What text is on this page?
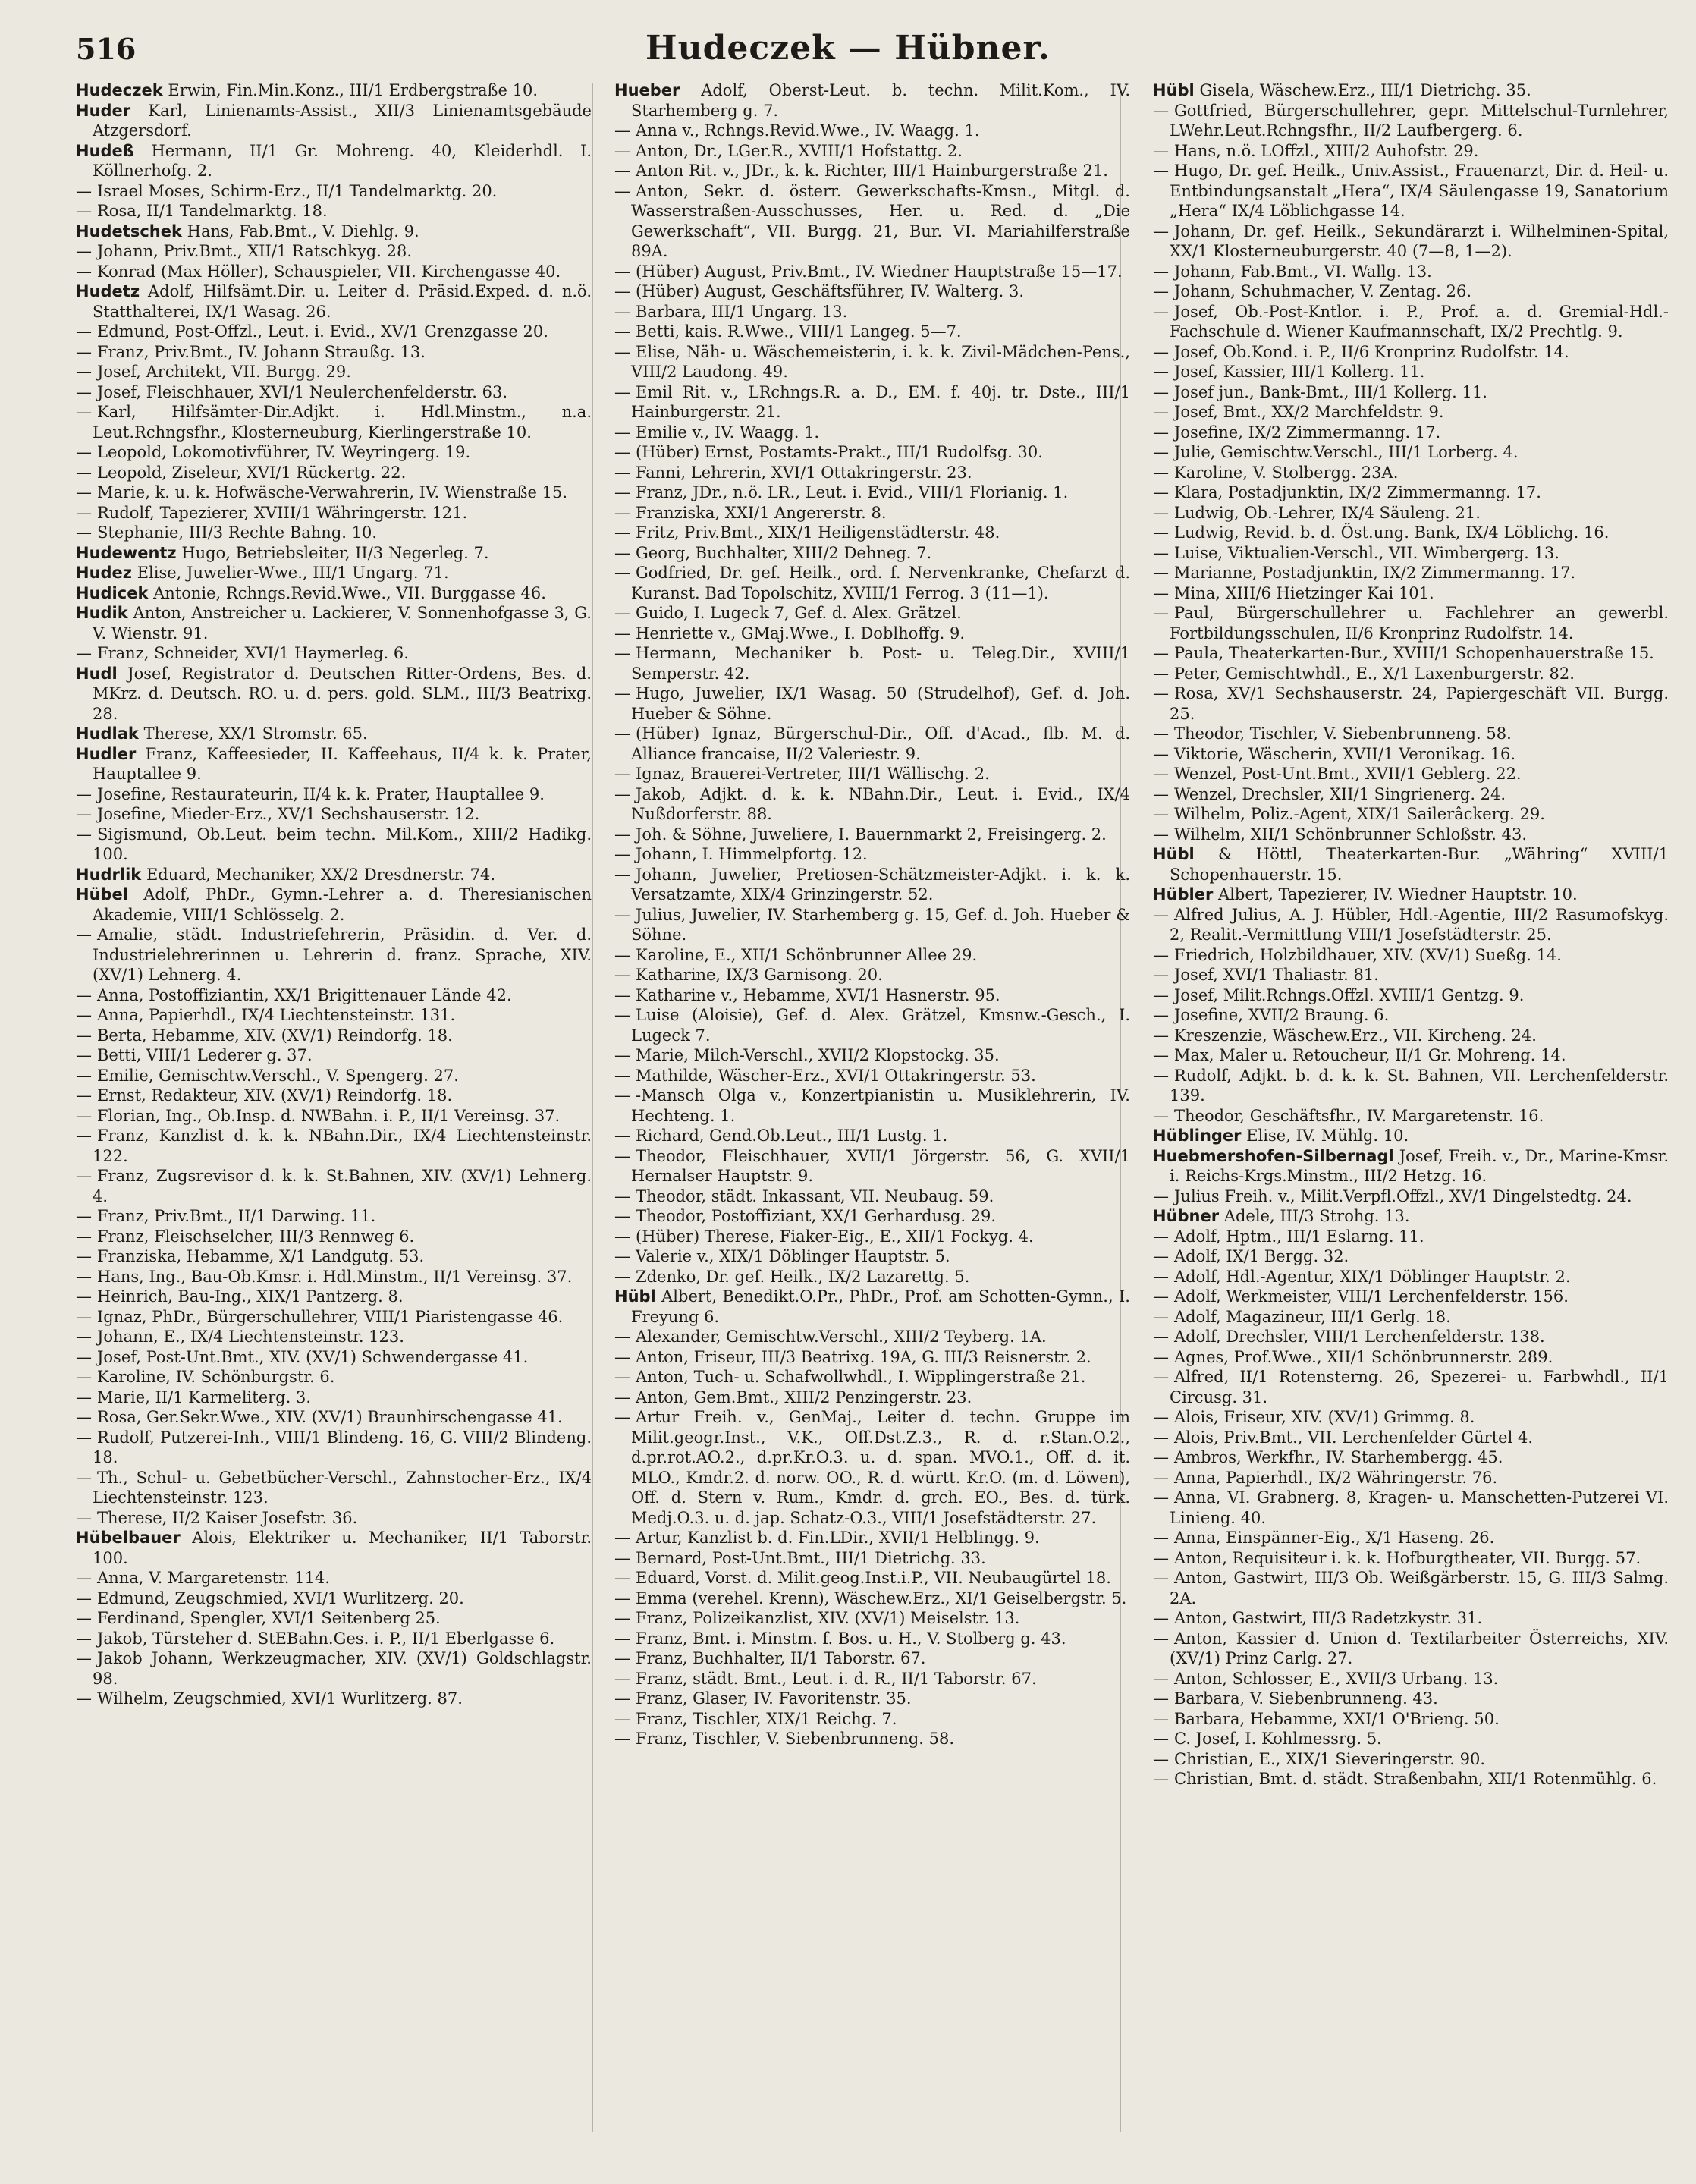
516	Hudeczek — Hübner.
Hudeczek Erwin, Fin.Min.Konz., III/1 Erdbergstraße 10.
Huder Karl, Linienamts-Assist., XII/3 Linienamtsgebäude Atzgersdorf.
Hudeß Hermann, II/1 Gr. Mohreng. 40, Kleiderhdl. I. Köllnerhofg. 2.
— Israel Moses, Schirm-Erz., II/1 Tandelmarktg. 20.
— Rosa, II/1 Tandelmarktg. 18.
Hudetschek Hans, Fab.Bmt., V. Diehlg. 9.
— Johann, Priv.Bmt., XII/1 Ratschkyg. 28.
— Konrad (Max Höller), Schauspieler, VII. Kirchengasse 40.
Hudetz Adolf, Hilfsämt.Dir. u. Leiter d. Präsid.Exped. d. n.ö. Statthalterei, IX/1 Wasag. 26.
— Edmund, Post-Offzl., Leut. i. Evid., XV/1 Grenzgasse 20.
— Franz, Priv.Bmt., IV. Johann Straußg. 13.
— Josef, Architekt, VII. Burgg. 29.
— Josef, Fleischhauer, XVI/1 Neulerchenfelderstr. 63.
— Karl, Hilfsämter-Dir.Adjkt. i. Hdl.Minstm., n.a. Leut.Rchngsfhr., Klosterneuburg, Kierlingerstraße 10.
— Leopold, Lokomotivführer, IV. Weyringerg. 19.
— Leopold, Ziseleur, XVI/1 Rückertg. 22.
— Marie, k. u. k. Hofwäsche-Verwahrerin, IV. Wienstraße 15.
— Rudolf, Tapezierer, XVIII/1 Währingerstr. 121.
— Stephanie, III/3 Rechte Bahng. 10.
Hudewentz Hugo, Betriebsleiter, II/3 Negerleg. 7.
Hudez Elise, Juwelier-Wwe., III/1 Ungarg. 71.
Hudicek Antonie, Rchngs.Revid.Wwe., VII. Burggasse 46.
Hudik Anton, Anstreicher u. Lackierer, V. Sonnenhofgasse 3, G. V. Wienstr. 91.
— Franz, Schneider, XVI/1 Haymerleg. 6.
Hudl Josef, Registrator d. Deutschen Ritter-Ordens, Bes. d. MKrz. d. Deutsch. RO. u. d. pers. gold. SLM., III/3 Beatrixg. 28.
Hudlak Therese, XX/1 Stromstr. 65.
Hudler Franz, Kaffeesieder, II. Kaffeehaus, II/4 k. k. Prater, Hauptallee 9.
— Josefine, Restaurateurin, II/4 k. k. Prater, Hauptallee 9.
— Josefine, Mieder-Erz., XV/1 Sechshauserstr. 12.
— Sigismund, Ob.Leut. beim techn. Mil.Kom., XIII/2 Hadikg. 100.
Hudrlik Eduard, Mechaniker, XX/2 Dresdnerstr. 74.
Hübel Adolf, PhDr., Gymn.-Lehrer a. d. Theresianischen Akademie, VIII/1 Schlösselg. 2.
— Amalie, städt. Industriefehrerin, Präsidin. d. Ver. d. Industrielehrerinnen u. Lehrerin d. franz. Sprache, XIV. (XV/1) Lehnerg. 4.
— Anna, Postoffiziantin, XX/1 Brigittenauer Lände 42.
— Anna, Papierhdl., IX/4 Liechtensteinstr. 131.
— Berta, Hebamme, XIV. (XV/1) Reindorfg. 18.
— Betti, VIII/1 Lederer g. 37.
— Emilie, Gemischtw.Verschl., V. Spengerg. 27.
— Ernst, Redakteur, XIV. (XV/1) Reindorfg. 18.
— Florian, Ing., Ob.Insp. d. NWBahn. i. P., II/1 Vereinsg. 37.
— Franz, Kanzlist d. k. k. NBahn.Dir., IX/4 Liechtensteinstr. 122.
— Franz, Zugsrevisor d. k. k. St.Bahnen, XIV. (XV/1) Lehnerg. 4.
— Franz, Priv.Bmt., II/1 Darwing. 11.
— Franz, Fleischselcher, III/3 Rennweg 6.
— Franziska, Hebamme, X/1 Landgutg. 53.
— Hans, Ing., Bau-Ob.Kmsr. i. Hdl.Minstm., II/1 Vereinsg. 37.
— Heinrich, Bau-Ing., XIX/1 Pantzerg. 8.
— Ignaz, PhDr., Bürgerschullehrer, VIII/1 Piaristengasse 46.
— Johann, E., IX/4 Liechtensteinstr. 123.
— Josef, Post-Unt.Bmt., XIV. (XV/1) Schwendergasse 41.
— Karoline, IV. Schönburgstr. 6.
— Marie, II/1 Karmeliterg. 3.
— Rosa, Ger.Sekr.Wwe., XIV. (XV/1) Braunhirschengasse 41.
— Rudolf, Putzerei-Inh., VIII/1 Blindeng. 16, G. VIII/2 Blindeng. 18.
— Th., Schul- u. Gebetbücher-Verschl., Zahnstocher-Erz., IX/4 Liechtensteinstr. 123.
— Therese, II/2 Kaiser Josefstr. 36.
Hübelbauer Alois, Elektriker u. Mechaniker, II/1 Taborstr. 100.
— Anna, V. Margaretenstr. 114.
— Edmund, Zeugschmied, XVI/1 Wurlitzerg. 20.
— Ferdinand, Spengler, XVI/1 Seitenberg 25.
— Jakob, Türsteher d. StEBahn.Ges. i. P., II/1 Eberlgasse 6.
— Jakob Johann, Werkzeugmacher, XIV. (XV/1) Goldschlagstr. 98.
— Wilhelm, Zeugschmied, XVI/1 Wurlitzerg. 87.
Hueber Adolf, Oberst-Leut. b. techn. Milit.Kom., IV. Starhemberg g. 7.
— Anna v., Rchngs.Revid.Wwe., IV. Waagg. 1.
— Anton, Dr., LGer.R., XVIII/1 Hofstattg. 2.
— Anton Rit. v., JDr., k. k. Richter, III/1 Hainburgerstraße 21.
— Anton, Sekr. d. österr. Gewerkschafts-Kmsn., Mitgl. d. Wasserstraßen-Ausschusses, Her. u. Red. d. „Die Gewerkschaft“, VII. Burgg. 21, Bur. VI. Mariahilferstraße 89A.
— (Hüber) August, Priv.Bmt., IV. Wiedner Hauptstraße 15—17.
— (Hüber) August, Geschäftsführer, IV. Walterg. 3.
— Barbara, III/1 Ungarg. 13.
— Betti, kais. R.Wwe., VIII/1 Langeg. 5—7.
— Elise, Näh- u. Wäschemeisterin, i. k. k. Zivil-Mädchen-Pens., VIII/2 Laudong. 49.
— Emil Rit. v., LRchngs.R. a. D., EM. f. 40j. tr. Dste., III/1 Hainburgerstr. 21.
— Emilie v., IV. Waagg. 1.
— (Hüber) Ernst, Postamts-Prakt., III/1 Rudolfsg. 30.
— Fanni, Lehrerin, XVI/1 Ottakringerstr. 23.
— Franz, JDr., n.ö. LR., Leut. i. Evid., VIII/1 Florianig. 1.
— Franziska, XXI/1 Angererstr. 8.
— Fritz, Priv.Bmt., XIX/1 Heiligenstädterstr. 48.
— Georg, Buchhalter, XIII/2 Dehneg. 7.
— Godfried, Dr. gef. Heilk., ord. f. Nervenkranke, Chefarzt d. Kuranst. Bad Topolschitz, XVIII/1 Ferrog. 3 (11—1).
— Guido, I. Lugeck 7, Gef. d. Alex. Grätzel.
— Henriette v., GMaj.Wwe., I. Doblhoffg. 9.
— Hermann, Mechaniker b. Post- u. Teleg.Dir., XVIII/1 Semperstr. 42.
— Hugo, Juwelier, IX/1 Wasag. 50 (Strudelhof), Gef. d. Joh. Hueber & Söhne.
— (Hüber) Ignaz, Bürgerschul-Dir., Off. d'Acad., flb. M. d. Alliance francaise, II/2 Valeriestr. 9.
— Ignaz, Brauerei-Vertreter, III/1 Wällischg. 2.
— Jakob, Adjkt. d. k. k. NBahn.Dir., Leut. i. Evid., IX/4 Nußdorferstr. 88.
— Joh. & Söhne, Juweliere, I. Bauernmarkt 2, Freisingerg. 2.
— Johann, I. Himmelpfortg. 12.
— Johann, Juwelier, Pretiosen-Schätzmeister-Adjkt. i. k. k. Versatzamte, XIX/4 Grinzingerstr. 52.
— Julius, Juwelier, IV. Starhemberg g. 15, Gef. d. Joh. Hueber & Söhne.
— Karoline, E., XII/1 Schönbrunner Allee 29.
— Katharine, IX/3 Garnisong. 20.
— Katharine v., Hebamme, XVI/1 Hasnerstr. 95.
— Luise (Aloisie), Gef. d. Alex. Grätzel, Kmsnw.-Gesch., I. Lugeck 7.
— Marie, Milch-Verschl., XVII/2 Klopstockg. 35.
— Mathilde, Wäscher-Erz., XVI/1 Ottakringerstr. 53.
— -Mansch Olga v., Konzertpianistin u. Musiklehrerin, IV. Hechteng. 1.
— Richard, Gend.Ob.Leut., III/1 Lustg. 1.
— Theodor, Fleischhauer, XVII/1 Jörgerstr. 56, G. XVII/1 Hernalser Hauptstr. 9.
— Theodor, städt. Inkassant, VII. Neubaug. 59.
— Theodor, Postoffiziant, XX/1 Gerhardusg. 29.
— (Hüber) Therese, Fiaker-Eig., E., XII/1 Fockyg. 4.
— Valerie v., XIX/1 Döblinger Hauptstr. 5.
— Zdenko, Dr. gef. Heilk., IX/2 Lazarettg. 5.
Hübl Albert, Benedikt.O.Pr., PhDr., Prof. am Schotten-Gymn., I. Freyung 6.
— Alexander, Gemischtw.Verschl., XIII/2 Teyberg. 1A.
— Anton, Friseur, III/3 Beatrixg. 19A, G. III/3 Reisnerstr. 2.
— Anton, Tuch- u. Schafwollwhdl., I. Wipplingerstraße 21.
— Anton, Gem.Bmt., XIII/2 Penzingerstr. 23.
— Artur Freih. v., GenMaj., Leiter d. techn. Gruppe im Milit.geogr.Inst., V.K., Off.Dst.Z.3., R. d. r.Stan.O.2., d.pr.rot.AO.2., d.pr.Kr.O.3. u. d. span. MVO.1., Off. d. it. MLO., Kmdr.2. d. norw. OO., R. d. württ. Kr.O. (m. d. Löwen), Off. d. Stern v. Rum., Kmdr. d. grch. EO., Bes. d. türk. Medj.O.3. u. d. jap. Schatz-O.3., VIII/1 Josefstädterstr. 27.
— Artur, Kanzlist b. d. Fin.LDir., XVII/1 Helblingg. 9.
— Bernard, Post-Unt.Bmt., III/1 Dietrichg. 33.
— Eduard, Vorst. d. Milit.geog.Inst.i.P., VII. Neubaugürtel 18.
— Emma (verehel. Krenn), Wäschew.Erz., XI/1 Geiselbergstr. 5.
— Franz, Polizeikanzlist, XIV. (XV/1) Meiselstr. 13.
— Franz, Bmt. i. Minstm. f. Bos. u. H., V. Stolberg g. 43.
— Franz, Buchhalter, II/1 Taborstr. 67.
— Franz, städt. Bmt., Leut. i. d. R., II/1 Taborstr. 67.
— Franz, Glaser, IV. Favoritenstr. 35.
— Franz, Tischler, XIX/1 Reichg. 7.
— Franz, Tischler, V. Siebenbrunneng. 58.
Hübl Gisela, Wäschew.Erz., III/1 Dietrichg. 35.
— Gottfried, Bürgerschullehrer, gepr. Mittelschul-Turnlehrer, LWehr.Leut.Rchngsfhr., II/2 Laufbergerg. 6.
— Hans, n.ö. LOffzl., XIII/2 Auhofstr. 29.
— Hugo, Dr. gef. Heilk., Univ.Assist., Frauenarzt, Dir. d. Heil- u. Entbindungsanstalt „Hera“, IX/4 Säulengasse 19, Sanatorium „Hera“ IX/4 Löblichgasse 14.
— Johann, Dr. gef. Heilk., Sekundärarzt i. Wilhelminen-Spital, XX/1 Klosterneuburgerstr. 40 (7—8, 1—2).
— Johann, Fab.Bmt., VI. Wallg. 13.
— Johann, Schuhmacher, V. Zentag. 26.
— Josef, Ob.-Post-Kntlor. i. P., Prof. a. d. Gremial-Hdl.-Fachschule d. Wiener Kaufmannschaft, IX/2 Prechtlg. 9.
— Josef, Ob.Kond. i. P., II/6 Kronprinz Rudolfstr. 14.
— Josef, Kassier, III/1 Kollerg. 11.
— Josef jun., Bank-Bmt., III/1 Kollerg. 11.
— Josef, Bmt., XX/2 Marchfeldstr. 9.
— Josefine, IX/2 Zimmermanng. 17.
— Julie, Gemischtw.Verschl., III/1 Lorberg. 4.
— Karoline, V. Stolbergg. 23A.
— Klara, Postadjunktin, IX/2 Zimmermanng. 17.
— Ludwig, Ob.-Lehrer, IX/4 Säuleng. 21.
— Ludwig, Revid. b. d. Öst.ung. Bank, IX/4 Löblichg. 16.
— Luise, Viktualien-Verschl., VII. Wimbergerg. 13.
— Marianne, Postadjunktin, IX/2 Zimmermanng. 17.
— Mina, XIII/6 Hietzinger Kai 101.
— Paul, Bürgerschullehrer u. Fachlehrer an gewerbl. Fortbildungsschulen, II/6 Kronprinz Rudolfstr. 14.
— Paula, Theaterkarten-Bur., XVIII/1 Schopenhauerstraße 15.
— Peter, Gemischtwhdl., E., X/1 Laxenburgerstr. 82.
— Rosa, XV/1 Sechshauserstr. 24, Papiergeschäft VII. Burgg. 25.
— Theodor, Tischler, V. Siebenbrunneng. 58.
— Viktorie, Wäscherin, XVII/1 Veronikag. 16.
— Wenzel, Post-Unt.Bmt., XVII/1 Geblerg. 22.
— Wenzel, Drechsler, XII/1 Singrienerg. 24.
— Wilhelm, Poliz.-Agent, XIX/1 Sailerâckerg. 29.
— Wilhelm, XII/1 Schönbrunner Schloßstr. 43.
Hübl & Höttl, Theaterkarten-Bur. „Währing“ XVIII/1 Schopenhauerstr. 15.
Hübler Albert, Tapezierer, IV. Wiedner Hauptstr. 10.
— Alfred Julius, A. J. Hübler, Hdl.-Agentie, III/2 Rasumofskyg. 2, Realit.-Vermittlung VIII/1 Josefstädterstr. 25.
— Friedrich, Holzbildhauer, XIV. (XV/1) Sueßg. 14.
— Josef, XVI/1 Thaliastr. 81.
— Josef, Milit.Rchngs.Offzl. XVIII/1 Gentzg. 9.
— Josefine, XVII/2 Braung. 6.
— Kreszenzie, Wäschew.Erz., VII. Kircheng. 24.
— Max, Maler u. Retoucheur, II/1 Gr. Mohreng. 14.
— Rudolf, Adjkt. b. d. k. k. St. Bahnen, VII. Lerchenfelderstr. 139.
— Theodor, Geschäftsfhr., IV. Margaretenstr. 16.
Hüblinger Elise, IV. Mühlg. 10.
Huebmershofen-Silbernagl Josef, Freih. v., Dr., Marine-Kmsr. i. Reichs-Krgs.Minstm., III/2 Hetzg. 16.
— Julius Freih. v., Milit.Verpfl.Offzl., XV/1 Dingelstedtg. 24.
Hübner Adele, III/3 Strohg. 13.
— Adolf, Hptm., III/1 Eslarng. 11.
— Adolf, IX/1 Bergg. 32.
— Adolf, Hdl.-Agentur, XIX/1 Döblinger Hauptstr. 2.
— Adolf, Werkmeister, VIII/1 Lerchenfelderstr. 156.
— Adolf, Magazineur, III/1 Gerlg. 18.
— Adolf, Drechsler, VIII/1 Lerchenfelderstr. 138.
— Agnes, Prof.Wwe., XII/1 Schönbrunnerstr. 289.
— Alfred, II/1 Rotensterng. 26, Spezerei- u. Farbwhdl., II/1 Circusg. 31.
— Alois, Friseur, XIV. (XV/1) Grimmg. 8.
— Alois, Priv.Bmt., VII. Lerchenfelder Gürtel 4.
— Ambros, Werkfhr., IV. Starhembergg. 45.
— Anna, Papierhdl., IX/2 Währingerstr. 76.
— Anna, VI. Grabnerg. 8, Kragen- u. Manschetten-Putzerei VI. Linieng. 40.
— Anna, Einspänner-Eig., X/1 Haseng. 26.
— Anton, Requisiteur i. k. k. Hofburgtheater, VII. Burgg. 57.
— Anton, Gastwirt, III/3 Ob. Weißgärberstr. 15, G. III/3 Salmg. 2A.
— Anton, Gastwirt, III/3 Radetzkystr. 31.
— Anton, Kassier d. Union d. Textilarbeiter Österreichs, XIV. (XV/1) Prinz Carlg. 27.
— Anton, Schlosser, E., XVII/3 Urbang. 13.
— Barbara, V. Siebenbrunneng. 43.
— Barbara, Hebamme, XXI/1 O'Brieng. 50.
— C. Josef, I. Kohlmessrg. 5.
— Christian, E., XIX/1 Sieveringerstr. 90.
— Christian, Bmt. d. städt. Straßenbahn, XII/1 Rotenmühlg. 6.
